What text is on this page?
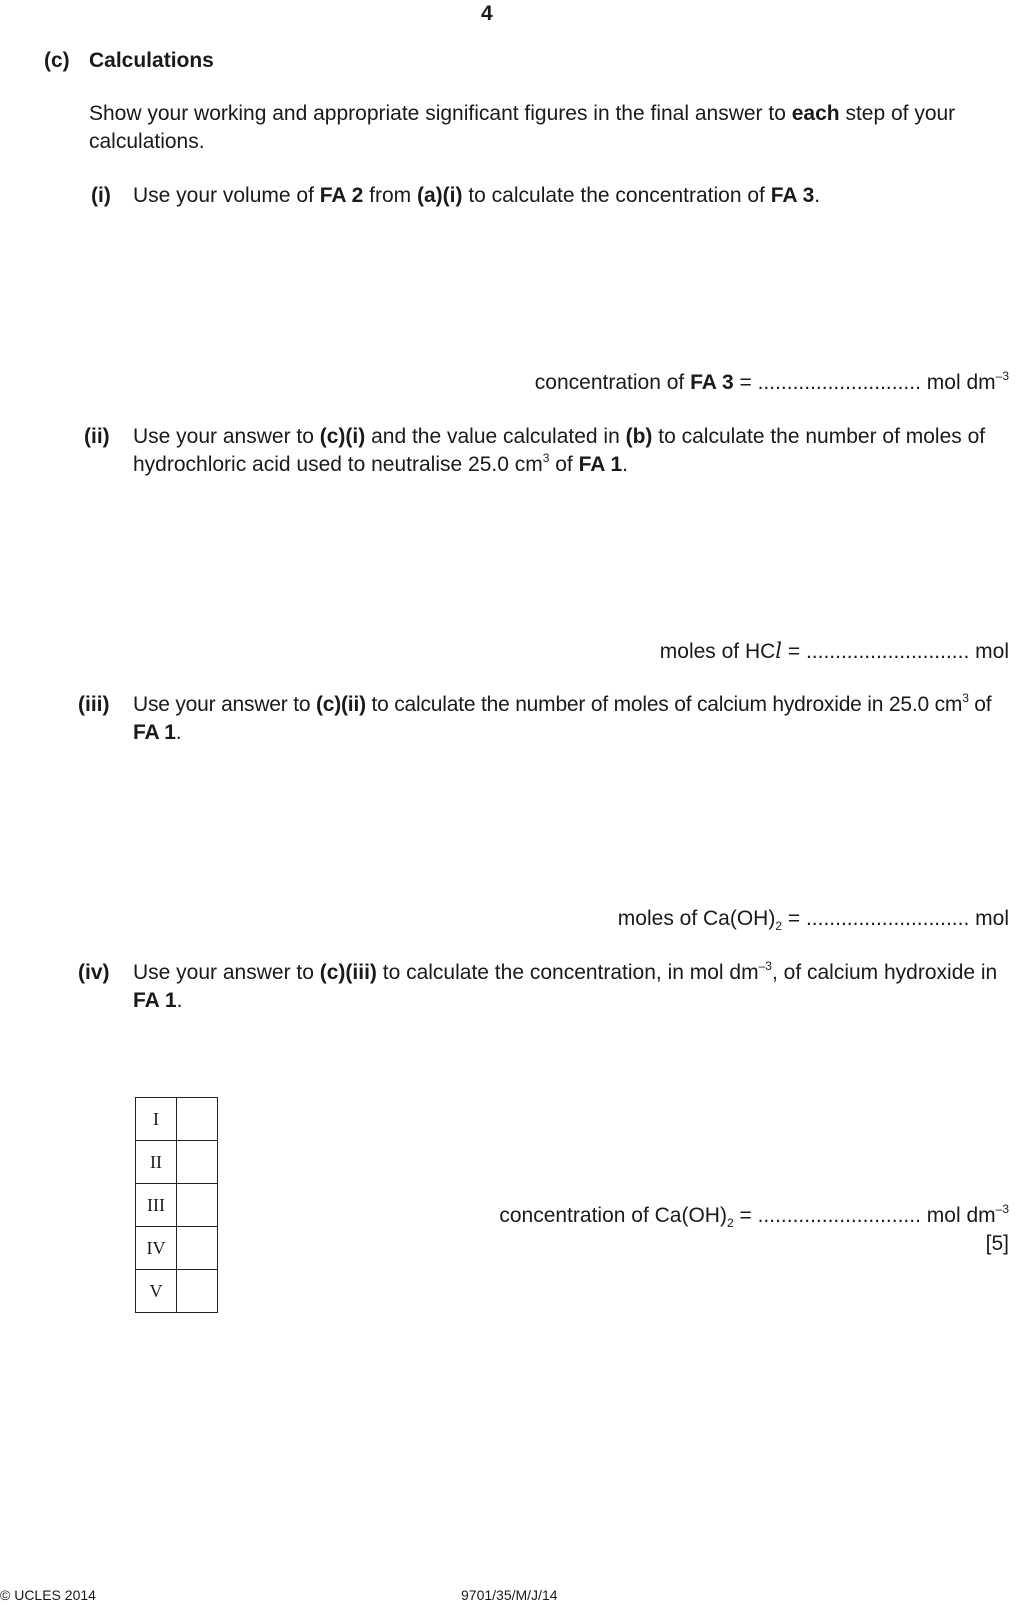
4
(c) Calculations
Show your working and appropriate significant figures in the final answer to each step of your calculations.
(i) Use your volume of FA 2 from (a)(i) to calculate the concentration of FA 3.
concentration of FA 3 = ............................ mol $dm^{-3}$
(ii) Use your answer to (c)(i) and the value calculated in (b) to calculate the number of moles of hydrochloric acid used to neutralise 25.0 $cm^3$ of FA 1.
moles of HCl = ............................ mol
(iii) Use your answer to (c)(ii) to calculate the number of moles of calcium hydroxide in 25.0 $cm^3$ of FA 1.
moles of $Ca(OH)_2$ = ............................ mol
(iv) Use your answer to (c)(iii) to calculate the concentration, in mol $dm^{-3}$, of calcium hydroxide in FA 1.
I	
II	
III	
IV	
V	
concentration of $Ca(OH)_2$ = ............................ mol $dm^{-3}$
[5]
© UCLES 2014	9701/35/M/J/14
